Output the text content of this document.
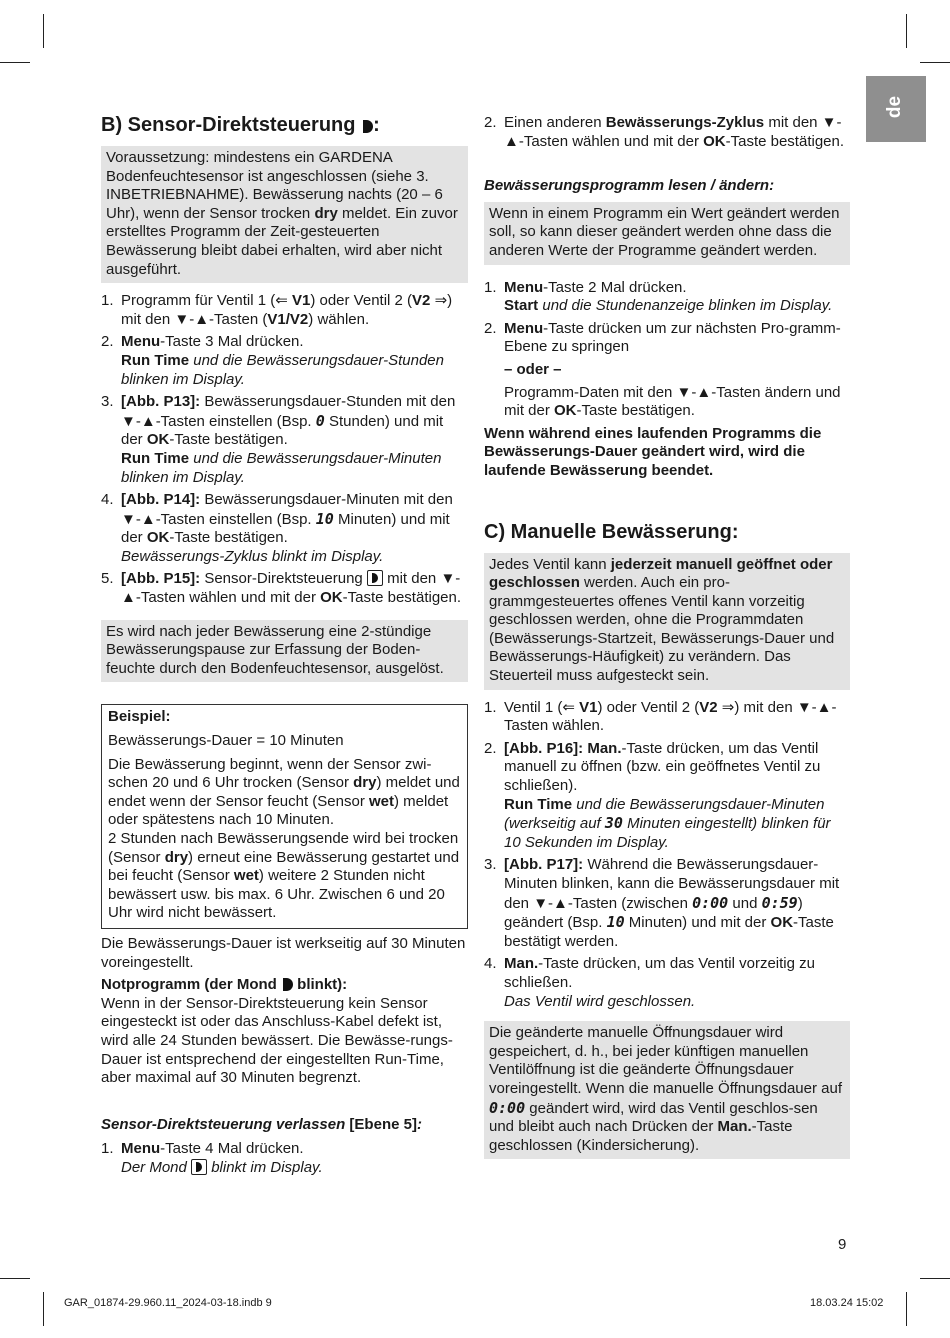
de
B) Sensor-Direktsteuerung :

Voraussetzung: mindestens ein GARDENA Bodenfeuchtesensor ist angeschlossen (siehe 3. INBETRIEBNAHME). Bewässerung nachts (20 – 6 Uhr), wenn der Sensor trocken dry meldet. Ein zuvor erstelltes Programm der Zeit-gesteuerten Bewässerung bleibt dabei erhalten, wird aber nicht ausgeführt.

1. Programm für Ventil 1 (⇐ V1) oder Ventil 2 (V2 ⇒) mit den ▼-▲-Tasten (V1/V2) wählen.
2. Menu-Taste 3 Mal drücken.
Run Time und die Bewässerungsdauer-Stunden blinken im Display.
3. [Abb. P13]: Bewässerungsdauer-Stunden mit den ▼-▲-Tasten einstellen (Bsp. 0 Stunden) und mit der OK-Taste bestätigen.
Run Time und die Bewässerungsdauer-Minuten blinken im Display.
4. [Abb. P14]: Bewässerungsdauer-Minuten mit den ▼-▲-Tasten einstellen (Bsp. 10 Minuten) und mit der OK-Taste bestätigen.
Bewässerungs-Zyklus blinkt im Display.
5. [Abb. P15]: Sensor-Direktsteuerung  mit den ▼-▲-Tasten wählen und mit der OK-Taste bestätigen.

Es wird nach jeder Bewässerung eine 2-stündige Bewässerungspause zur Erfassung der Boden-feuchte durch den Bodenfeuchtesensor, ausgelöst.

Beispiel:

Bewässerungs-Dauer = 10 Minuten

Die Bewässerung beginnt, wenn der Sensor zwi-schen 20 und 6 Uhr trocken (Sensor dry) meldet und endet wenn der Sensor feucht (Sensor wet) meldet oder spätestens nach 10 Minuten.
2 Stunden nach Bewässerungsende wird bei trocken (Sensor dry) erneut eine Bewässerung gestartet und bei feucht (Sensor wet) weitere 2 Stunden nicht bewässert usw. bis max. 6 Uhr. Zwischen 6 und 20 Uhr wird nicht bewässert.

Die Bewässerungs-Dauer ist werkseitig auf 30 Minuten voreingestellt.

Notprogramm (der Mond  blinkt):

Wenn in der Sensor-Direktsteuerung kein Sensor eingesteckt ist oder das Anschluss-Kabel defekt ist, wird alle 24 Stunden bewässert. Die Bewässe-rungs-Dauer ist entsprechend der eingestellten Run-Time, aber maximal auf 30 Minuten begrenzt.

Sensor-Direktsteuerung verlassen [Ebene 5]:

1. Menu-Taste 4 Mal drücken.
Der Mond  blinkt im Display.
2. Einen anderen Bewässerungs-Zyklus mit den ▼-▲-Tasten wählen und mit der OK-Taste bestätigen.

Bewässerungsprogramm lesen / ändern:

Wenn in einem Programm ein Wert geändert werden soll, so kann dieser geändert werden ohne dass die anderen Werte der Programme geändert werden.

1. Menu-Taste 2 Mal drücken.
Start und die Stundenanzeige blinken im Display.
2. Menu-Taste drücken um zur nächsten Pro-gramm-Ebene zu springen
– oder –
Programm-Daten mit den ▼-▲-Tasten ändern und mit der OK-Taste bestätigen.

Wenn während eines laufenden Programms die Bewässerungs-Dauer geändert wird, wird die laufende Bewässerung beendet.

C) Manuelle Bewässerung:

Jedes Ventil kann jederzeit manuell geöffnet oder geschlossen werden. Auch ein pro-grammgesteuertes offenes Ventil kann vorzeitig geschlossen werden, ohne die Programmdaten (Bewässerungs-Startzeit, Bewässerungs-Dauer und Bewässerungs-Häufigkeit) zu verändern. Das Steuerteil muss aufgesteckt sein.

1. Ventil 1 (⇐ V1) oder Ventil 2 (V2 ⇒) mit den ▼-▲-Tasten wählen.
2. [Abb. P16]: Man.-Taste drücken, um das Ventil manuell zu öffnen (bzw. ein geöffnetes Ventil zu schließen).
Run Time und die Bewässerungsdauer-Minuten (werkseitig auf 30 Minuten eingestellt) blinken für 10 Sekunden im Display.
3. [Abb. P17]: Während die Bewässerungsdauer-Minuten blinken, kann die Bewässerungsdauer mit den ▼-▲-Tasten (zwischen 0:00 und 0:59) geändert (Bsp. 10 Minuten) und mit der OK-Taste bestätigt werden.
4. Man.-Taste drücken, um das Ventil vorzeitig zu schließen.
Das Ventil wird geschlossen.

Die geänderte manuelle Öffnungsdauer wird gespeichert, d. h., bei jeder künftigen manuellen Ventilöffnung ist die geänderte Öffnungsdauer voreingestellt. Wenn die manuelle Öffnungsdauer auf 0:00 geändert wird, wird das Ventil geschlos-sen und bleibt auch nach Drücken der Man.-Taste geschlossen (Kindersicherung).

9
GAR_01874-29.960.11_2024-03-18.indb 9	18.03.24 15:02
